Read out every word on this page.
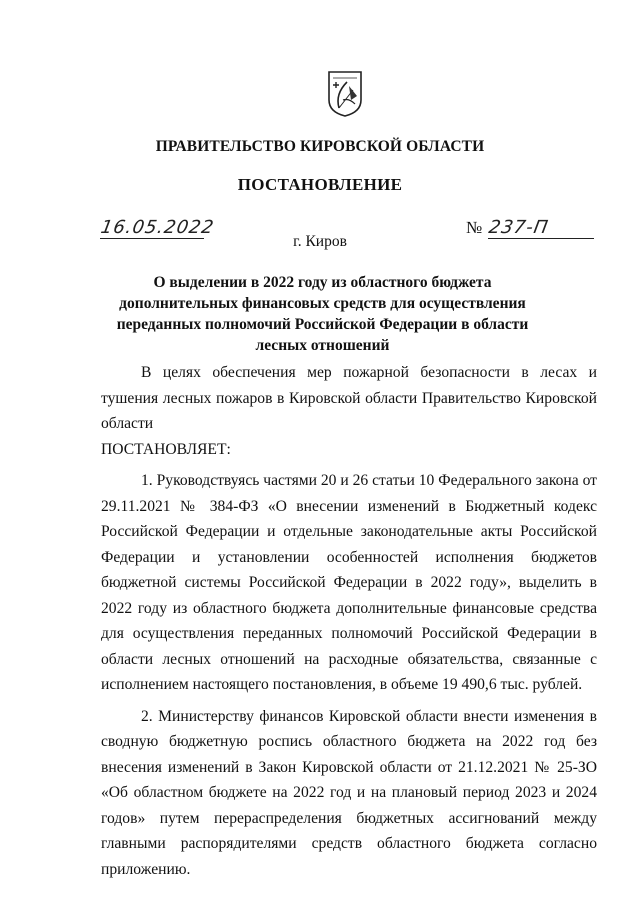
ПРАВИТЕЛЬСТВО КИРОВСКОЙ ОБЛАСТИ
ПОСТАНОВЛЕНИЕ
16.05.2022
г. Киров
№ 237-П
О выделении в 2022 году из областного бюджета дополнительных финансовых средств для осуществления переданных полномочий Российской Федерации в области лесных отношений

В целях обеспечения мер пожарной безопасности в лесах и тушения лесных пожаров в Кировской области Правительство Кировской области

ПОСТАНОВЛЯЕТ:

1. Руководствуясь частями 20 и 26 статьи 10 Федерального закона от 29.11.2021 № 384-ФЗ «О внесении изменений в Бюджетный кодекс Российской Федерации и отдельные законодательные акты Российской Федерации и установлении особенностей исполнения бюджетов бюджетной системы Российской Федерации в 2022 году», выделить в 2022 году из областного бюджета дополнительные финансовые средства для осуществления переданных полномочий Российской Федерации в области лесных отношений на расходные обязательства, связанные с исполнением настоящего постановления, в объеме 19 490,6 тыс. рублей.

2. Министерству финансов Кировской области внести изменения в сводную бюджетную роспись областного бюджета на 2022 год без внесения изменений в Закон Кировской области от 21.12.2021 № 25-ЗО «Об областном бюджете на 2022 год и на плановый период 2023 и 2024 годов» путем перераспределения бюджетных ассигнований между главными распорядителями средств областного бюджета согласно приложению.
